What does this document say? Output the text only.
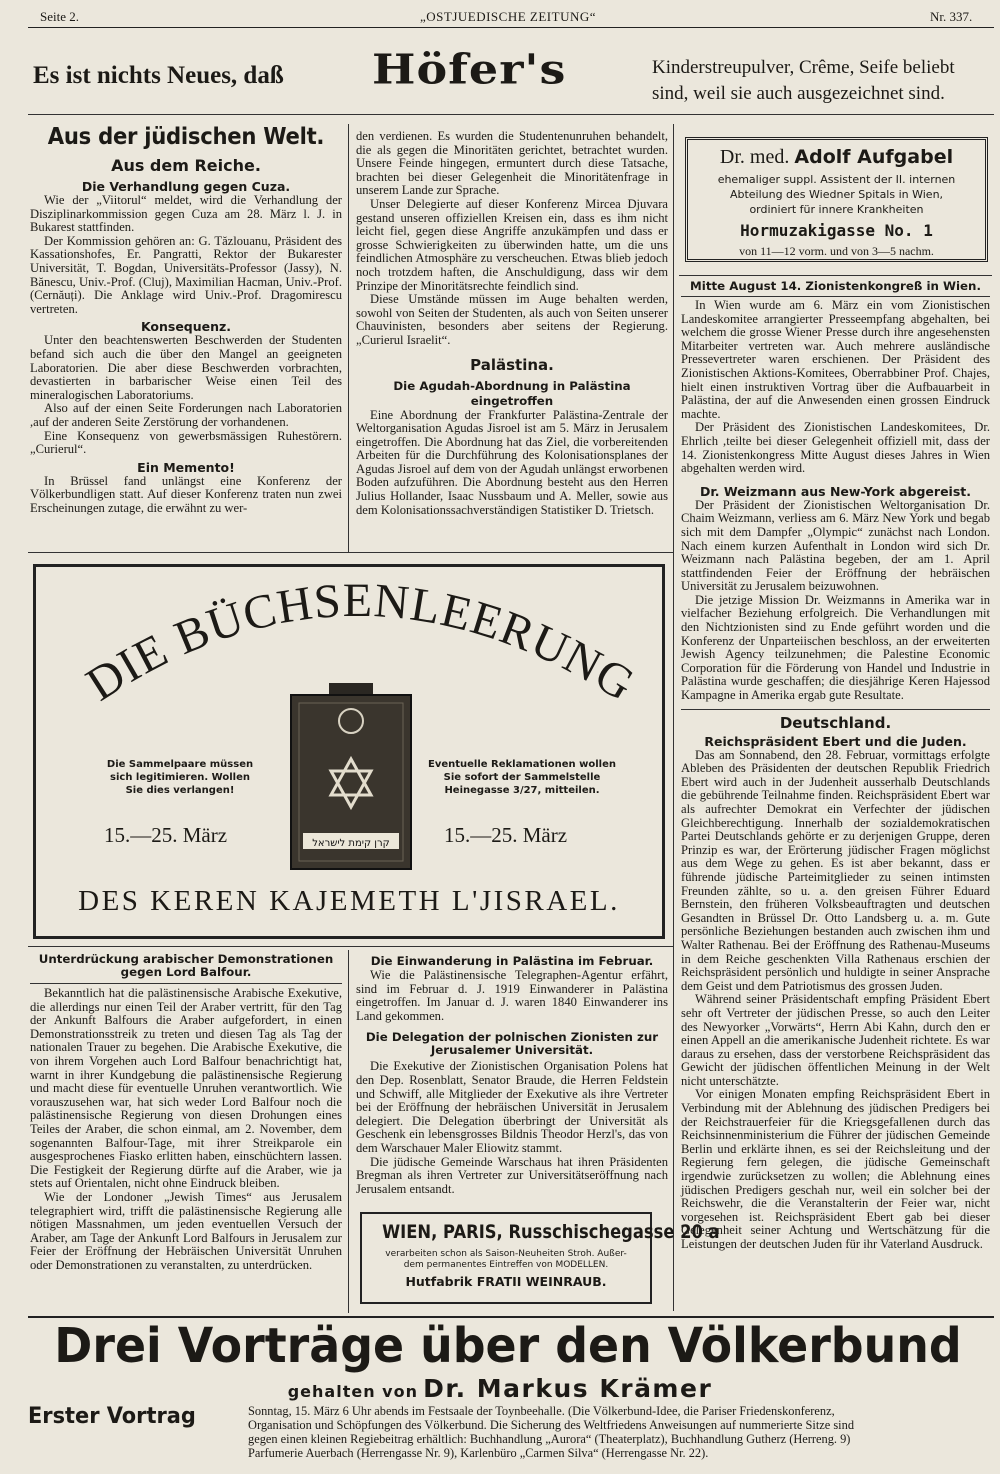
Seite 2.	„OSTJUEDISCHE ZEITUNG“	Nr. 337.
Es ist nichts Neues, daß Höfer's	Kinderstreupulver, Crême, Seife beliebt
sind, weil sie auch ausgezeichnet sind.
Aus der jüdischen Welt.
Aus dem Reiche.
Die Verhandlung gegen Cuza.

Wie der „Viitorul“ meldet, wird die Verhandlung der Disziplinarkommission gegen Cuza am 28. März l. J. in Bukarest stattfinden.

Der Kommission gehören an: G. Tăzlouanu, Präsident des Kassationshofes, Er. Pangratti, Rektor der Bukarester Universität, T. Bogdan, Universitäts-Professor (Jassy), N. Bănescu, Univ.-Prof. (Cluj), Maximilian Hacman, Univ.-Prof. (Cernăuți). Die Anklage wird Univ.-Prof. Dragomirescu vertreten.

Konsequenz.

Unter den beachtenswerten Beschwerden der Studenten befand sich auch die über den Mangel an geeigneten Laboratorien. Die aber diese Beschwerden vorbrachten, devastierten in barbarischer Weise einen Teil des mineralogischen Laboratoriums.

Also auf der einen Seite Forderungen nach Laboratorien ,auf der anderen Seite Zerstörung der vorhandenen.

Eine Konsequenz von gewerbsmässigen Ruhestörern. „Curierul“.

Ein Memento!

In Brüssel fand unlängst eine Konferenz der Völkerbundligen statt. Auf dieser Konferenz traten nun zwei Erscheinungen zutage, die erwähnt zu wer-

den verdienen. Es wurden die Studentenunruhen behandelt, die als gegen die Minoritäten gerichtet, betrachtet wurden. Unsere Feinde hingegen, ermuntert durch diese Tatsache, brachten bei dieser Gelegenheit die Minoritätenfrage in unserem Lande zur Sprache.

Unser Delegierte auf dieser Konferenz Mircea Djuvara gestand unseren offiziellen Kreisen ein, dass es ihm nicht leicht fiel, gegen diese Angriffe anzukämpfen und dass er grosse Schwierigkeiten zu überwinden hatte, um die uns feindlichen Atmosphäre zu verscheuchen. Etwas blieb jedoch noch trotzdem haften, die Anschuldigung, dass wir dem Prinzipe der Minoritätsrechte feindlich sind.

Diese Umstände müssen im Auge behalten werden, sowohl von Seiten der Studenten, als auch von Seiten unserer Chauvinisten, besonders aber seitens der Regierung. „Curierul Israelit“.

Palästina.
Die Agudah-Abordnung in Palästina eingetroffen

Eine Abordnung der Frankfurter Palästina-Zentrale der Weltorganisation Agudas Jisroel ist am 5. März in Jerusalem eingetroffen. Die Abordnung hat das Ziel, die vorbereitenden Arbeiten für die Durchführung des Kolonisationsplanes der Agudas Jisroel auf dem von der Agudah unlängst erworbenen Boden aufzuführen. Die Abordnung besteht aus den Herren Julius Hollander, Isaac Nussbaum und A. Meller, sowie aus dem Kolonisationssachverständigen Statistiker D. Trietsch.

Dr. med. Adolf Aufgabel
ehemaliger suppl. Assistent der II. internen
Abteilung des Wiedner Spitals in Wien,
ordiniert für innere Krankheiten
Hormuzakigasse No. 1
von 11—12 vorm. und von 3—5 nachm.
Mitte August 14. Zionistenkongreß in Wien.

In Wien wurde am 6. März ein vom Zionistischen Landeskomitee arrangierter Presseempfang abgehalten, bei welchem die grosse Wiener Presse durch ihre angesehensten Mitarbeiter vertreten war. Auch mehrere ausländische Pressevertreter waren erschienen. Der Präsident des Zionistischen Aktions-Komitees, Oberrabbiner Prof. Chajes, hielt einen instruktiven Vortrag über die Aufbauarbeit in Palästina, der auf die Anwesenden einen grossen Eindruck machte.

Der Präsident des Zionistischen Landeskomitees, Dr. Ehrlich ,teilte bei dieser Gelegenheit offiziell mit, dass der 14. Zionistenkongress Mitte August dieses Jahres in Wien abgehalten werden wird.

Dr. Weizmann aus New-York abgereist.

Der Präsident der Zionistischen Weltorganisation Dr. Chaim Weizmann, verliess am 6. März New York und begab sich mit dem Dampfer „Olympic“ zunächst nach London. Nach einem kurzen Aufenthalt in London wird sich Dr. Weizmann nach Palästina begeben, der am 1. April stattfindenden Feier der Eröffnung der hebräischen Universität zu Jerusalem beizuwohnen.

Die jetzige Mission Dr. Weizmanns in Amerika war in vielfacher Beziehung erfolgreich. Die Verhandlungen mit den Nichtzionisten sind zu Ende geführt worden und die Konferenz der Unparteiischen beschloss, an der erweiterten Jewish Agency teilzunehmen; die Palestine Economic Corporation für die Förderung von Handel und Industrie in Palästina wurde geschaffen; die diesjährige Keren Hajessod Kampagne in Amerika ergab gute Resultate.

Deutschland.
Reichspräsident Ebert und die Juden.

Das am Sonnabend, den 28. Februar, vormittags erfolgte Ableben des Präsidenten der deutschen Republik Friedrich Ebert wird auch in der Judenheit ausserhalb Deutschlands die gebührende Teilnahme finden. Reichspräsident Ebert war als aufrechter Demokrat ein Verfechter der jüdischen Gleichberechtigung. Innerhalb der sozialdemokratischen Partei Deutschlands gehörte er zu derjenigen Gruppe, deren Prinzip es war, der Erörterung jüdischer Fragen möglichst aus dem Wege zu gehen. Es ist aber bekannt, dass er führende jüdische Parteimitglieder zu seinen intimsten Freunden zählte, so u. a. den greisen Führer Eduard Bernstein, den früheren Volksbeauftragten und deutschen Gesandten in Brüssel Dr. Otto Landsberg u. a. m. Gute persönliche Beziehungen bestanden auch zwischen ihm und Walter Rathenau. Bei der Eröffnung des Rathenau-Museums in dem Reiche geschenkten Villa Rathenaus erschien der Reichspräsident persönlich und huldigte in seiner Ansprache dem Geist und dem Patriotismus des grossen Juden.

Während seiner Präsidentschaft empfing Präsident Ebert sehr oft Vertreter der jüdischen Presse, so auch den Leiter des Newyorker „Vorwärts“, Herrn Abi Kahn, durch den er einen Appell an die amerikanische Judenheit richtete. Es war daraus zu ersehen, dass der verstorbene Reichspräsident das Gewicht der jüdischen öffentlichen Meinung in der Welt nicht unterschätzte.

Vor einigen Monaten empfing Reichspräsident Ebert in Verbindung mit der Ablehnung des jüdischen Predigers bei der Reichstrauerfeier für die Kriegsgefallenen durch das Reichsinnenministerium die Führer der jüdischen Gemeinde Berlin und erklärte ihnen, es sei der Reichsleitung und der Regierung fern gelegen, die jüdische Gemeinschaft irgendwie zurücksetzen zu wollen; die Ablehnung eines jüdischen Predigers geschah nur, weil ein solcher bei der Reichswehr, die die Veranstalterin der Feier war, nicht vorgesehen ist. Reichspräsident Ebert gab bei dieser Gelegenheit seiner Achtung und Wertschätzung für die Leistungen der deutschen Juden für ihr Vaterland Ausdruck.

DIE BÜCHSENLEERUNG
קרן קימת לישראל
Die Sammelpaare müssen
sich legitimieren. Wollen
Sie dies verlangen!
Eventuelle Reklamationen wollen
Sie sofort der Sammelstelle
Heinegasse 3/27, mitteilen.
15.—25. März	15.—25. März
DES KEREN KAJEMETH L'JISRAEL.
Unterdrückung arabischer Demonstrationen
gegen Lord Balfour.

Bekanntlich hat die palästinensische Arabische Exekutive, die allerdings nur einen Teil der Araber vertritt, für den Tag der Ankunft Balfours die Araber aufgefordert, in einen Demonstrationsstreik zu treten und diesen Tag als Tag der nationalen Trauer zu begehen. Die Arabische Exekutive, die von ihrem Vorgehen auch Lord Balfour benachrichtigt hat, warnt in ihrer Kundgebung die palästinensische Regierung und macht diese für eventuelle Unruhen verantwortlich. Wie vorauszusehen war, hat sich weder Lord Balfour noch die palästinensische Regierung von diesen Drohungen eines Teiles der Araber, die schon einmal, am 2. November, dem sogenannten Balfour-Tage, mit ihrer Streikparole ein ausgesprochenes Fiasko erlitten haben, einschüchtern lassen. Die Festigkeit der Regierung dürfte auf die Araber, wie ja stets auf Orientalen, nicht ohne Eindruck bleiben.

Wie der Londoner „Jewish Times“ aus Jerusalem telegraphiert wird, trifft die palästinensische Regierung alle nötigen Massnahmen, um jeden eventuellen Versuch der Araber, am Tage der Ankunft Lord Balfours in Jerusalem zur Feier der Eröffnung der Hebräischen Universität Unruhen oder Demonstrationen zu veranstalten, zu unterdrücken.

Die Einwanderung in Palästina im Februar.

Wie die Palästinensische Telegraphen-Agentur erfährt, sind im Februar d. J. 1919 Einwanderer in Palästina eingetroffen. Im Januar d. J. waren 1840 Einwanderer ins Land gekommen.

Die Delegation der polnischen Zionisten zur
Jerusalemer Universität.

Die Exekutive der Zionistischen Organisation Polens hat den Dep. Rosenblatt, Senator Braude, die Herren Feldstein und Schwiff, alle Mitglieder der Exekutive als ihre Vertreter bei der Eröffnung der hebräischen Universität in Jerusalem delegiert. Die Delegation überbringt der Universität als Geschenk ein lebensgrosses Bildnis Theodor Herzl's, das von dem Warschauer Maler Eliowitz stammt.

Die jüdische Gemeinde Warschaus hat ihren Präsidenten Bregman als ihren Vertreter zur Universitätseröffnung nach Jerusalem entsandt.

WIEN, PARIS, Russchischegasse 20 a
verarbeiten schon als Saison-Neuheiten Stroh. Außer-
dem permanentes Eintreffen von MODELLEN.
Hutfabrik FRATII WEINRAUB.
Drei Vorträge über den Völkerbund
gehalten von Dr. Markus Krämer
Erster Vortrag	Sonntag, 15. März 6 Uhr abends im Festsaale der Toynbeehalle. (Die Völkerbund-Idee, die Pariser Friedenskonferenz,
Organisation und Schöpfungen des Völkerbund. Die Sicherung des Weltfriedens Anweisungen auf nummerierte Sitze sind
gegen einen kleinen Regiebeitrag erhältlich: Buchhandlung „Aurora“ (Theaterplatz), Buchhandlung Gutherz (Herreng. 9)
Parfumerie Auerbach (Herrengasse Nr. 9), Karlenbüro „Carmen Silva“ (Herrengasse Nr. 22).
